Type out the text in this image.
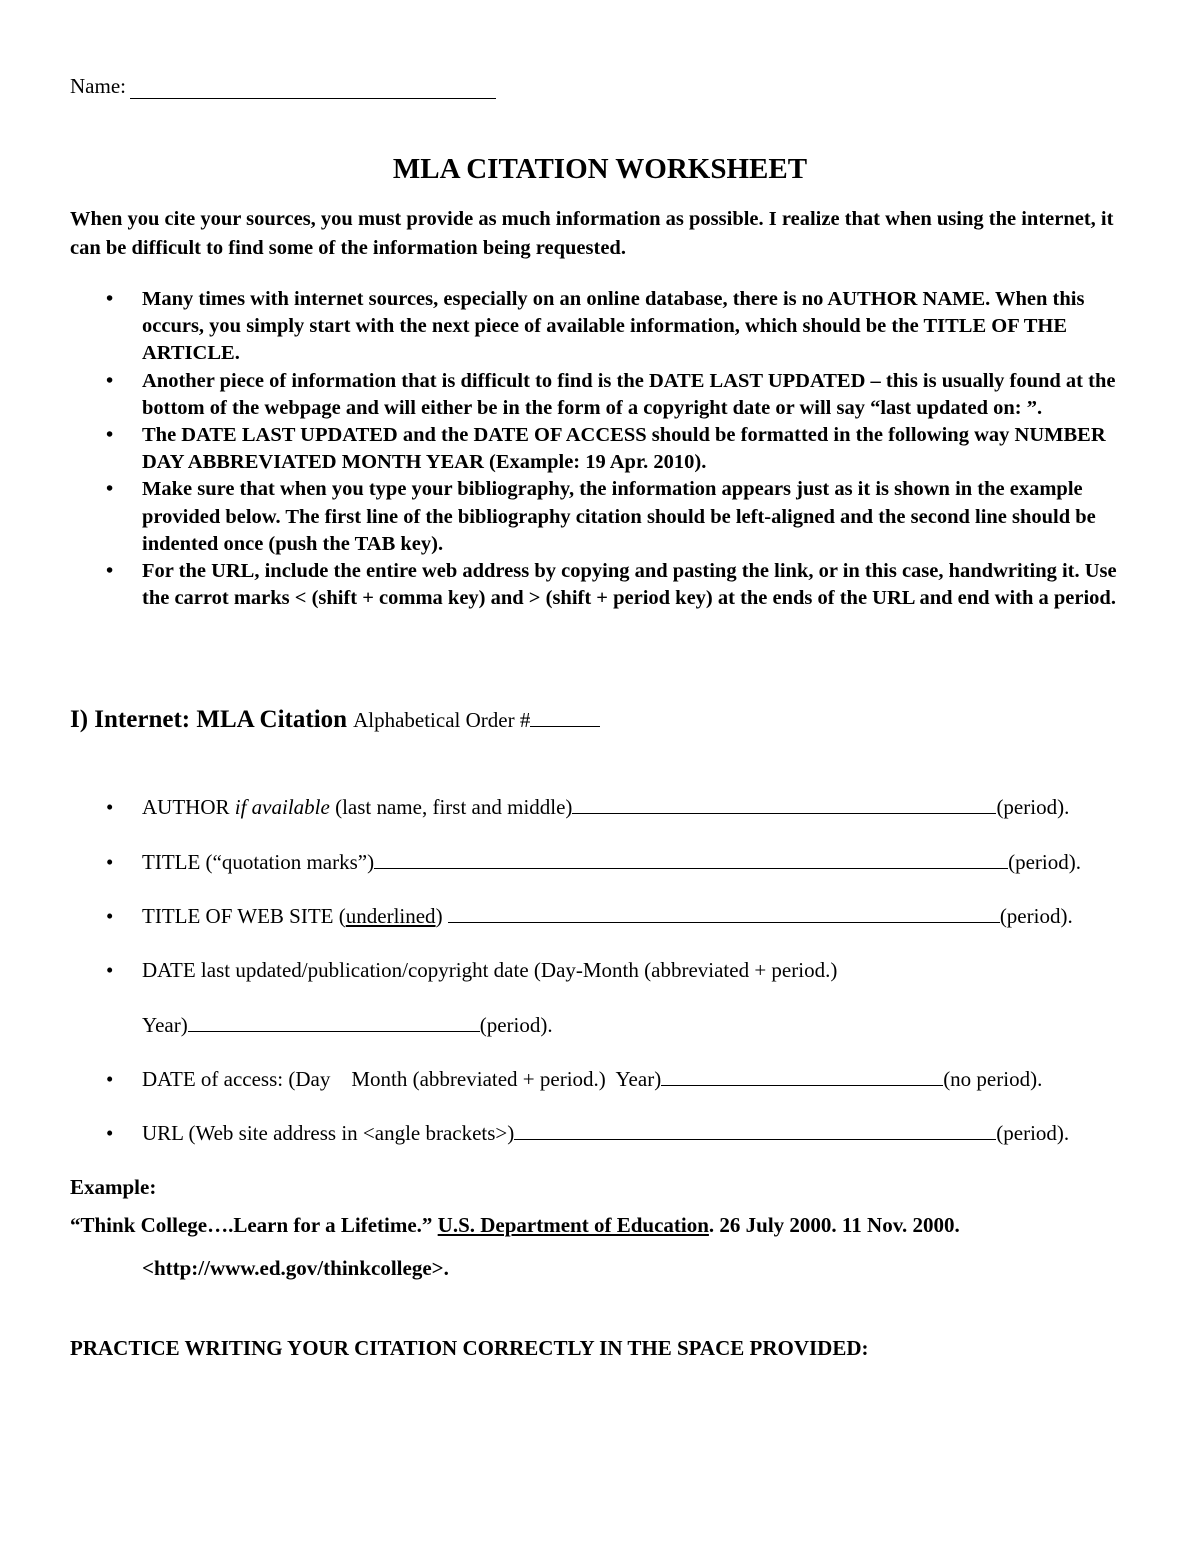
Name:
MLA CITATION WORKSHEET

When you cite your sources, you must provide as much information as possible. I realize that when using the internet, it can be difficult to find some of the information being requested.

• Many times with internet sources, especially on an online database, there is no AUTHOR NAME. When this occurs, you simply start with the next piece of available information, which should be the TITLE OF THE ARTICLE.
• Another piece of information that is difficult to find is the DATE LAST UPDATED – this is usually found at the bottom of the webpage and will either be in the form of a copyright date or will say “last updated on: ”.
• The DATE LAST UPDATED and the DATE OF ACCESS should be formatted in the following way NUMBER DAY ABBREVIATED MONTH YEAR (Example: 19 Apr. 2010).
• Make sure that when you type your bibliography, the information appears just as it is shown in the example provided below. The first line of the bibliography citation should be left-aligned and the second line should be indented once (push the TAB key).
• For the URL, include the entire web address by copying and pasting the link, or in this case, handwriting it. Use the carrot marks < (shift + comma key) and > (shift + period key) at the ends of the URL and end with a period.
I) Internet: MLA Citation Alphabetical Order #
• AUTHOR
if available
(last name, first and middle)	(period).
• TITLE (“quotation marks”)	(period).
• TITLE OF WEB SITE ( underlined )
	(period).
• DATE last updated/publication/copyright date (Day-Month (abbreviated + period.)
Year)	(period).
• DATE of access: (Day    Month (abbreviated + period.)  Year)	(no period).
• URL (Web site address in <angle brackets>)	(period).

Example:

“Think College….Learn for a Lifetime.” U.S. Department of Education. 26 July 2000. 11 Nov. 2000.
<http://www.ed.gov/thinkcollege>.

PRACTICE WRITING YOUR CITATION CORRECTLY IN THE SPACE PROVIDED:
